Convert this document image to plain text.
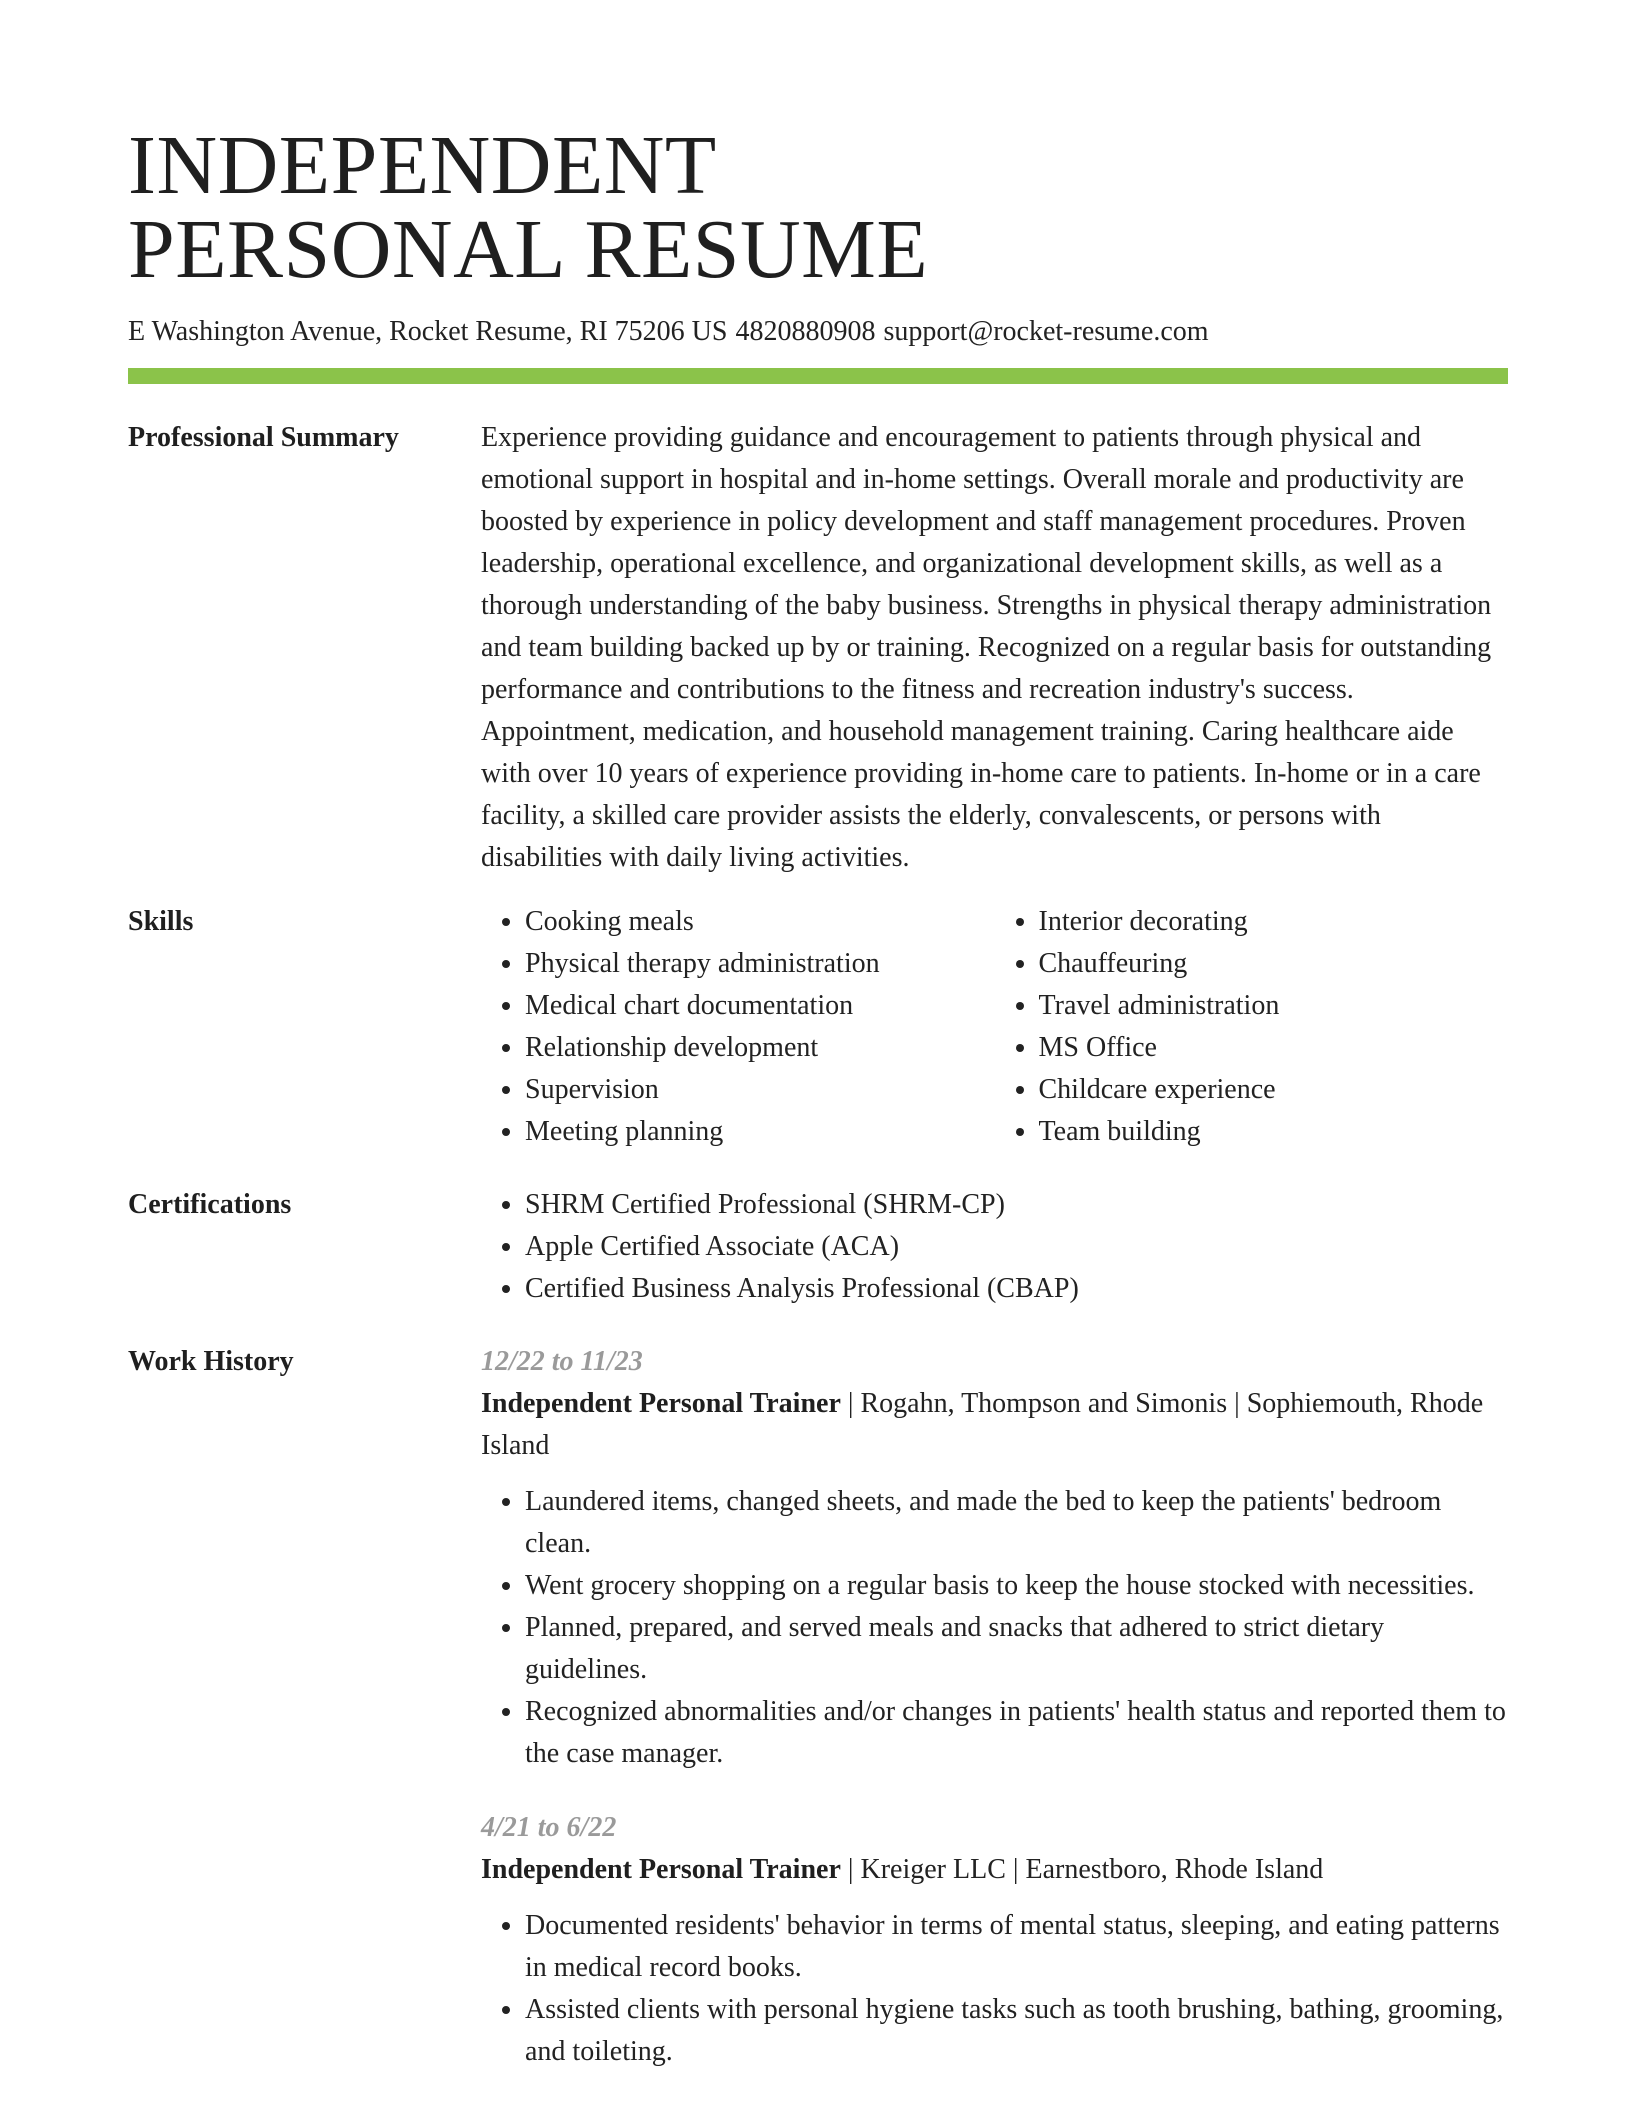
INDEPENDENT
PERSONAL RESUME
E Washington Avenue, Rocket Resume, RI 75206 US 4820880908 support@rocket-resume.com
Professional Summary	Experience providing guidance and encouragement to patients through physical and emotional support in hospital and in-home settings. Overall morale and productivity are boosted by experience in policy development and staff management procedures. Proven leadership, operational excellence, and organizational development skills, as well as a thorough understanding of the baby business. Strengths in physical therapy administration and team building backed up by or training. Recognized on a regular basis for outstanding performance and contributions to the fitness and recreation industry's success. Appointment, medication, and household management training. Caring healthcare aide with over 10 years of experience providing in-home care to patients. In-home or in a care facility, a skilled care provider assists the elderly, convalescents, or persons with disabilities with daily living activities.
Skills	• Cooking meals
• Physical therapy administration
• Medical chart documentation
• Relationship development
• Supervision
• Meeting planning
• Interior decorating
• Chauffeuring
• Travel administration
• MS Office
• Childcare experience
• Team building
Certifications	• SHRM Certified Professional (SHRM-CP)
• Apple Certified Associate (ACA)
• Certified Business Analysis Professional (CBAP)
Work History	12/22 to 11/23
Independent Personal Trainer | Rogahn, Thompson and Simonis | Sophiemouth, Rhode Island
• Laundered items, changed sheets, and made the bed to keep the patients' bedroom clean.
• Went grocery shopping on a regular basis to keep the house stocked with necessities.
• Planned, prepared, and served meals and snacks that adhered to strict dietary guidelines.
• Recognized abnormalities and/or changes in patients' health status and reported them to the case manager.
4/21 to 6/22
Independent Personal Trainer | Kreiger LLC | Earnestboro, Rhode Island
• Documented residents' behavior in terms of mental status, sleeping, and eating patterns in medical record books.
• Assisted clients with personal hygiene tasks such as tooth brushing, bathing, grooming, and toileting.
